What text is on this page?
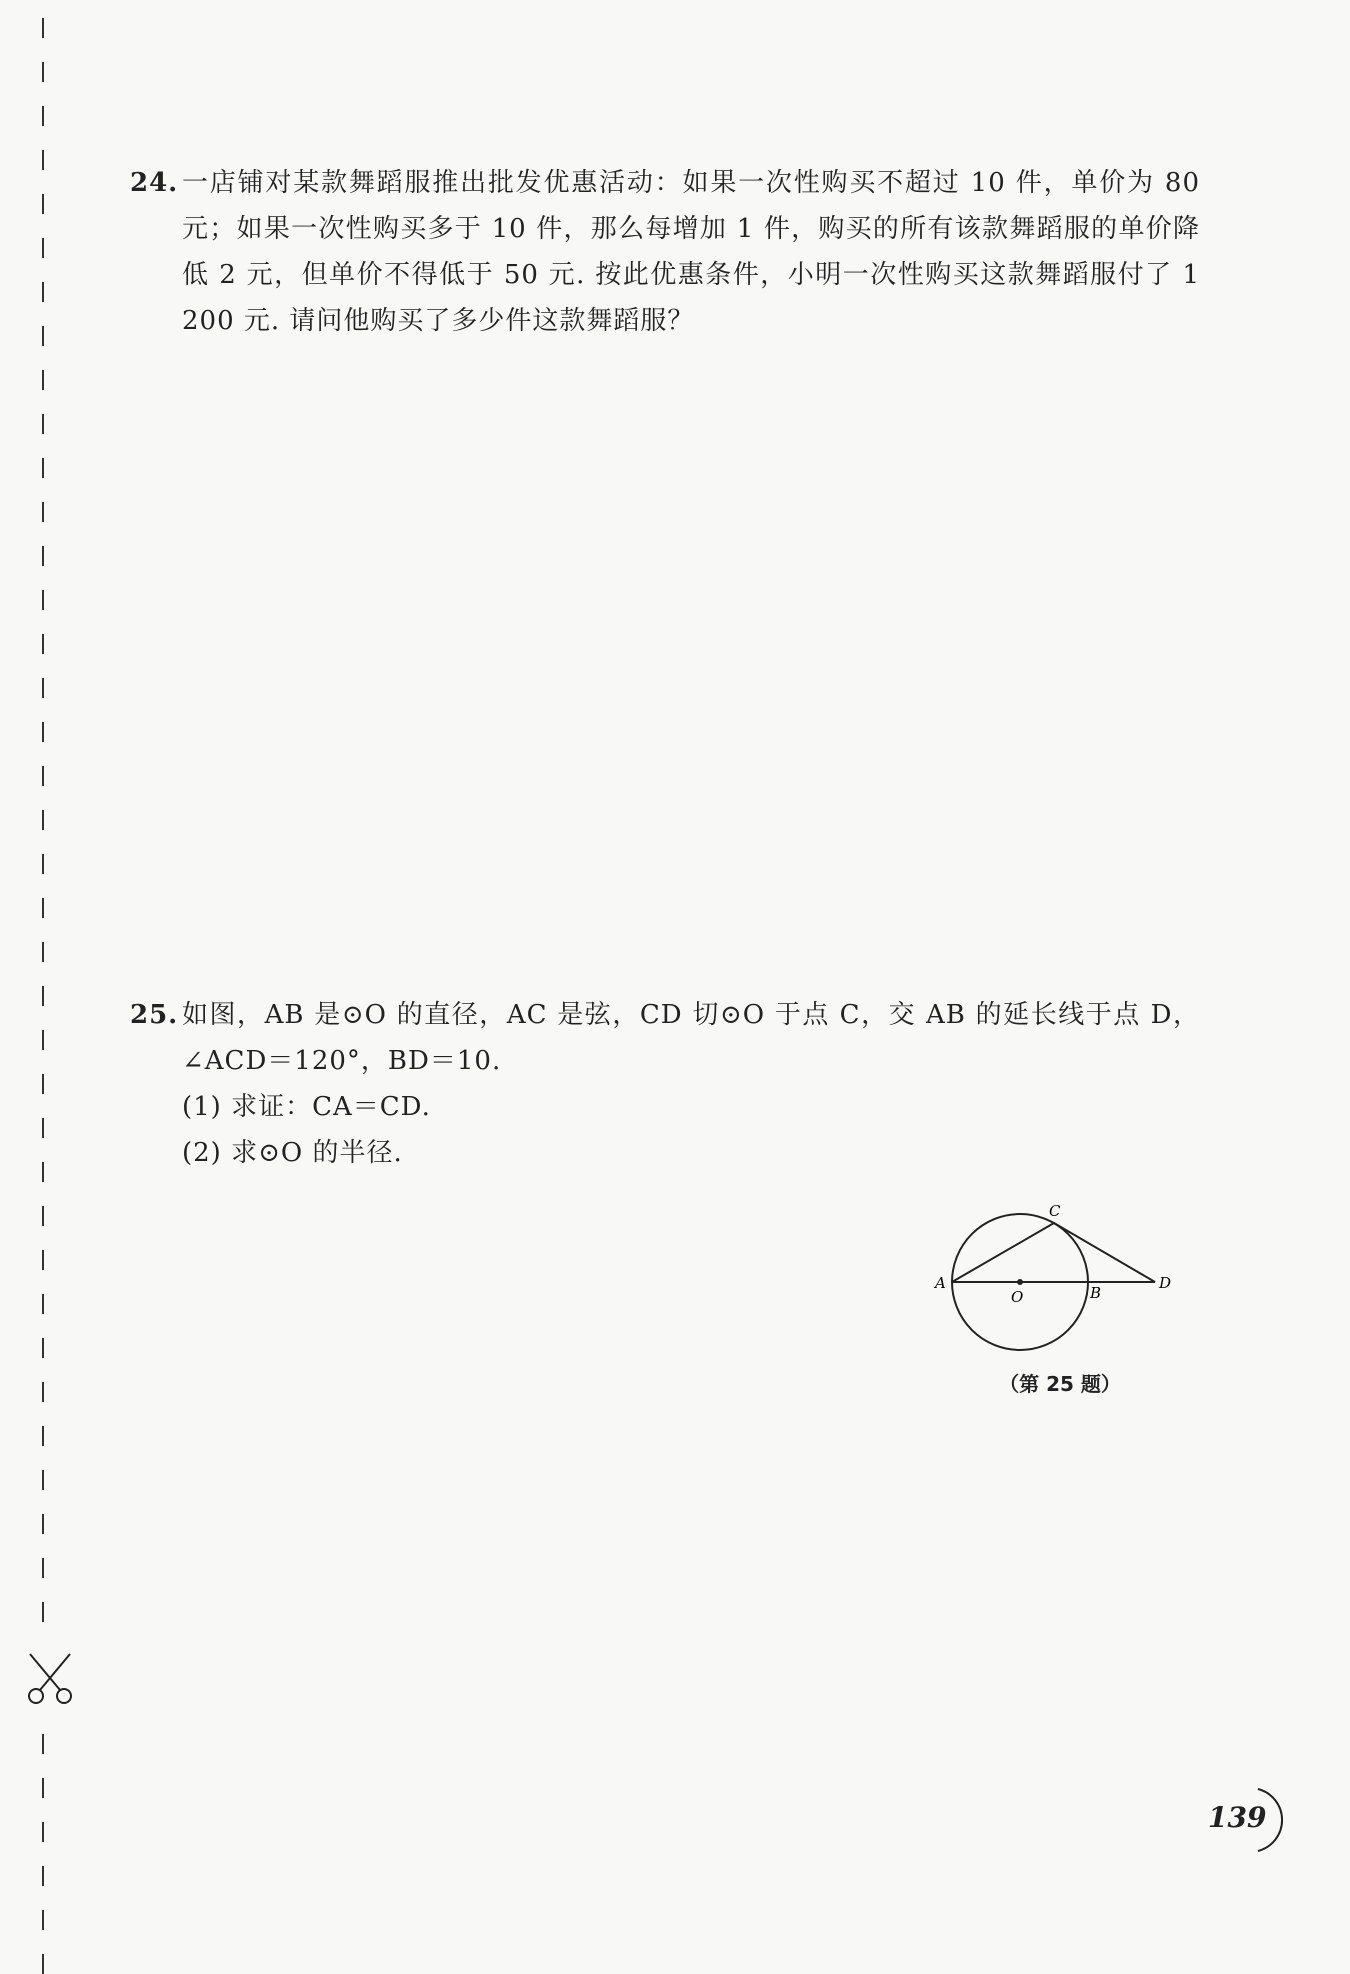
24. 一店铺对某款舞蹈服推出批发优惠活动：如果一次性购买不超过 10 件，单价为 80 元；如果一次性购买多于 10 件，那么每增加 1 件，购买的所有该款舞蹈服的单价降低 2 元，但单价不得低于 50 元. 按此优惠条件，小明一次性购买这款舞蹈服付了 1 200 元. 请问他购买了多少件这款舞蹈服？
25. 如图，AB 是⊙O 的直径，AC 是弦，CD 切⊙O 于点 C，交 AB 的延长线于点 D，∠ACD＝120°，BD＝10.
(1) 求证：CA＝CD.
(2) 求⊙O 的半径.
A
C
D
O	B
（第 25 题）
139
